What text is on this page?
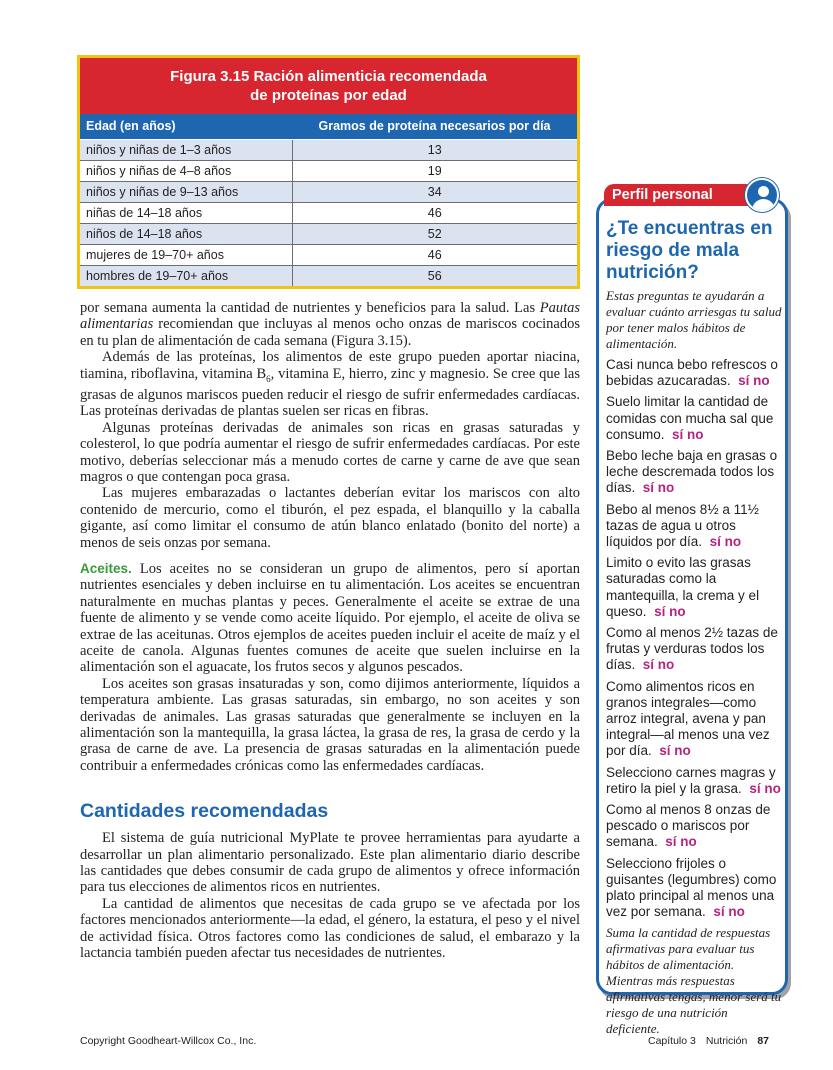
Figura 3.15 Ración alimenticia recomendada
de proteínas por edad
Edad (en años)	Gramos de proteína necesarios por día
niños y niñas de 1–3 años	13
niños y niñas de 4–8 años	19
niños y niñas de 9–13 años	34
niñas de 14–18 años	46
niños de 14–18 años	52
mujeres de 19–70+ años	46
hombres de 19–70+ años	56

por semana aumenta la cantidad de nutrientes y beneficios para la salud. Las Pautas alimentarias recomiendan que incluyas al menos ocho onzas de mariscos cocinados en tu plan de alimentación de cada semana (Figura 3.15).

Además de las proteínas, los alimentos de este grupo pueden aportar niacina, tiamina, riboflavina, vitamina $B_6$, vitamina E, hierro, zinc y magnesio. Se cree que las grasas de algunos mariscos pueden reducir el riesgo de sufrir enfermedades cardíacas. Las proteínas derivadas de plantas suelen ser ricas en fibras.

Algunas proteínas derivadas de animales son ricas en grasas saturadas y colesterol, lo que podría aumentar el riesgo de sufrir enfermedades cardíacas. Por este motivo, deberías seleccionar más a menudo cortes de carne y carne de ave que sean magros o que contengan poca grasa.

Las mujeres embarazadas o lactantes deberían evitar los mariscos con alto contenido de mercurio, como el tiburón, el pez espada, el blanquillo y la caballa gigante, así como limitar el consumo de atún blanco enlatado (bonito del norte) a menos de seis onzas por semana.

Aceites. Los aceites no se consideran un grupo de alimentos, pero sí aportan nutrientes esenciales y deben incluirse en tu alimentación. Los aceites se encuentran naturalmente en muchas plantas y peces. Generalmente el aceite se extrae de una fuente de alimento y se vende como aceite líquido. Por ejemplo, el aceite de oliva se extrae de las aceitunas. Otros ejemplos de aceites pueden incluir el aceite de maíz y el aceite de canola. Algunas fuentes comunes de aceite que suelen incluirse en la alimentación son el aguacate, los frutos secos y algunos pescados.

Los aceites son grasas insaturadas y son, como dijimos anteriormente, líquidos a temperatura ambiente. Las grasas saturadas, sin embargo, no son aceites y son derivadas de animales. Las grasas saturadas que generalmente se incluyen en la alimentación son la mantequilla, la grasa láctea, la grasa de res, la grasa de cerdo y la grasa de carne de ave. La presencia de grasas saturadas en la alimentación puede contribuir a enfermedades crónicas como las enfermedades cardíacas.

Cantidades recomendadas

El sistema de guía nutricional MyPlate te provee herramientas para ayudarte a desarrollar un plan alimentario personalizado. Este plan alimentario diario describe las cantidades que debes consumir de cada grupo de alimentos y ofrece información para tus elecciones de alimentos ricos en nutrientes.

La cantidad de alimentos que necesitas de cada grupo se ve afectada por los factores mencionados anteriormente—la edad, el género, la estatura, el peso y el nivel de actividad física. Otros factores como las condiciones de salud, el embarazo y la lactancia también pueden afectar tus necesidades de nutrientes.

Perfil personal
¿Te encuentras en riesgo de mala nutrición?
Estas preguntas te ayudarán a evaluar cuánto arriesgas tu salud por tener malos hábitos de alimentación.
Casi nunca bebo refrescos o bebidas azucaradas. sí no
Suelo limitar la cantidad de comidas con mucha sal que consumo. sí no
Bebo leche baja en grasas o leche descremada todos los días. sí no
Bebo al menos 8½ a 11½ tazas de agua u otros líquidos por día. sí no
Limito o evito las grasas saturadas como la mantequilla, la crema y el queso. sí no
Como al menos 2½ tazas de frutas y verduras todos los días. sí no
Como alimentos ricos en granos integrales—como arroz integral, avena y pan integral—al menos una vez por día. sí no
Selecciono carnes magras y retiro la piel y la grasa. sí no
Como al menos 8 onzas de pescado o mariscos por semana. sí no
Selecciono frijoles o guisantes (legumbres) como plato principal al menos una vez por semana. sí no
Suma la cantidad de respuestas afirmativas para evaluar tus hábitos de alimentación. Mientras más respuestas afirmativas tengas, menor será tu riesgo de una nutrición deficiente.
Copyright Goodheart-Willcox Co., Inc.	Capítulo 3 Nutrición 87
